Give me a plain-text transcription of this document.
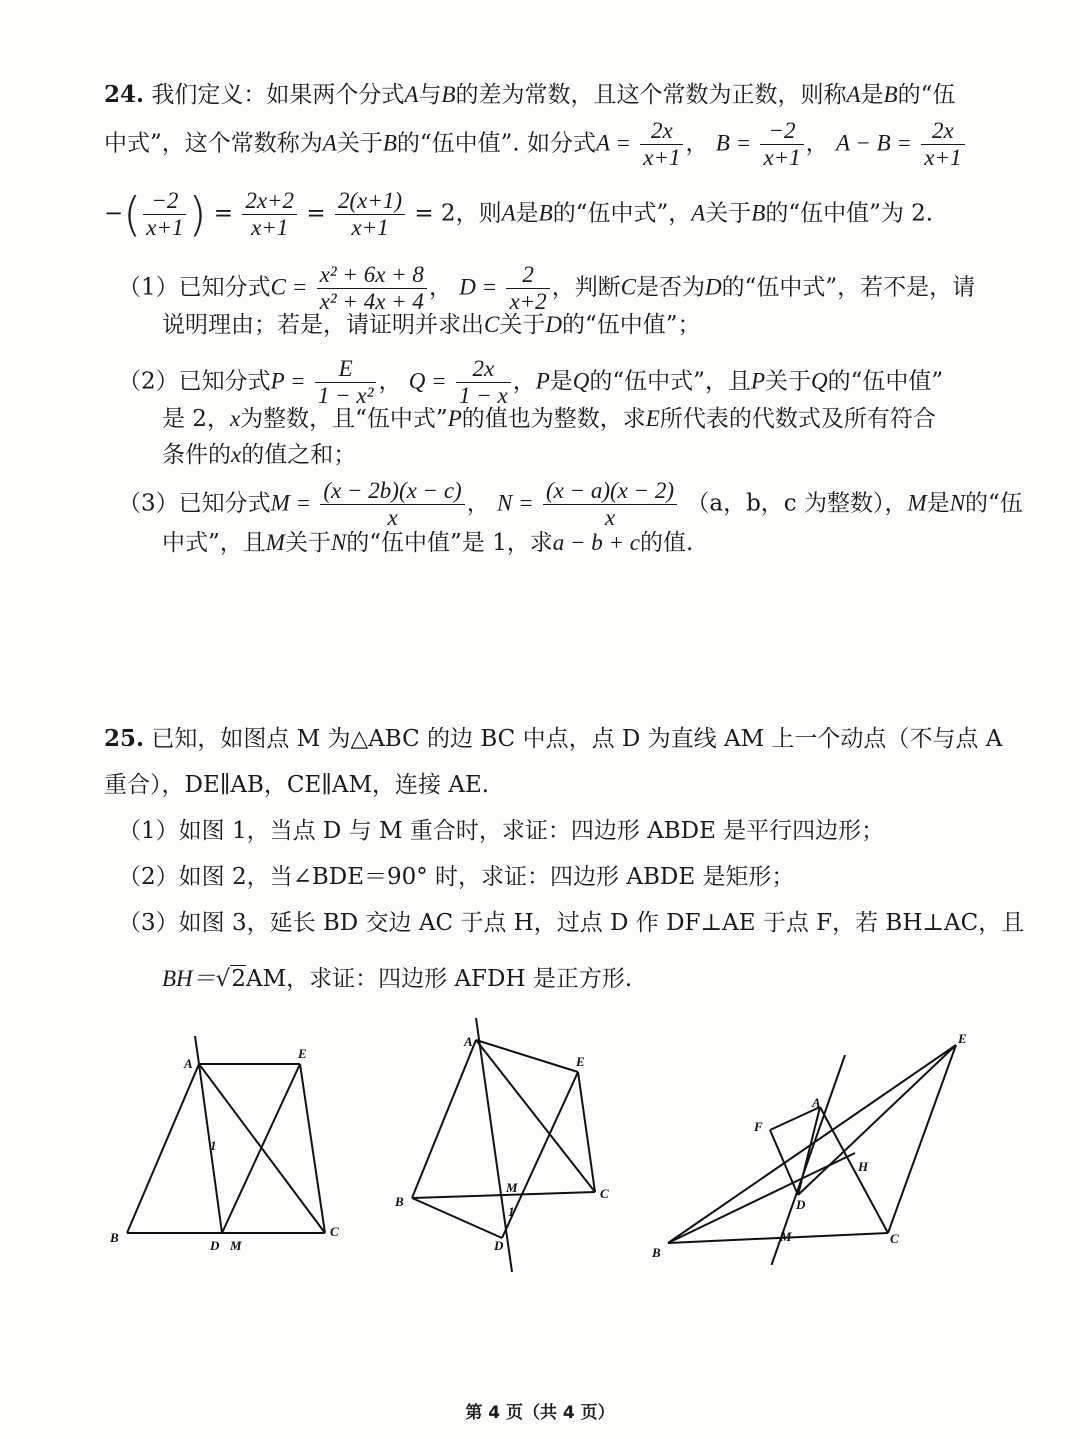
24. 我们定义：如果两个分式A与B的差为常数，且这个常数为正数，则称A是B的“伍
中式”，这个常数称为A关于B的“伍中值”. 如分式$A = \frac{2x}{x+1}$ ， $B = \frac{-2}{x+1}$ ， $A - B = \frac{2x}{x+1}$
−( $\frac{-2}{x+1}$ ) = $\frac{2x+2}{x+1} = \frac{2(x+1)}{x+1} = 2$，则A是B的“伍中式”，A关于B的“伍中值”为 2.
（1）已知分式$C = \frac{\text{x² + 6x + 8}}{\text{x² + 4x + 4}}$ ， $D = \frac{2}{x+2}$ ，判断C是否为D的“伍中式”，若不是，请
说明理由；若是，请证明并求出C关于D的“伍中值”；
（2）已知分式$P = \frac{E}{\text{1 − x²}}$ ， $Q = \frac{2x}{1 - x}$ ，P是Q的“伍中式”，且P关于Q的“伍中值”
是 2，x为整数，且“伍中式”P的值也为整数，求E所代表的代数式及所有符合
条件的x的值之和；
（3）已知分式$M = \frac{(x - 2b)(x - c)}{x}$ ， $N = \frac{(x - a)(x - 2)}{x} (a$，b，c 为整数），M是N的“伍
中式”，且M关于N的“伍中值”是 1，求a − b + c的值.
25. 已知，如图点 M 为△ABC 的边 BC 中点，点 D 为直线 AM 上一个动点（不与点 A
重合），DE∥AB，CE∥AM，连接 AE.
（1）如图 1，当点 D 与 M 重合时，求证：四边形 ABDE 是平行四边形；
（2）如图 2，当∠BDE＝90° 时，求证：四边形 ABDE 是矩形；
（3）如图 3，延长 BD 交边 AC 于点 H，过点 D 作 DF⊥AE 于点 F，若 BH⊥AC，且
BH＝√2AM，求证：四边形 AFDH 是正方形.
A
E
B
D M
C
1
A
E
B
M	C
D
1
E
A
F
H
D
B
M	C
第 4 页（共 4 页）
